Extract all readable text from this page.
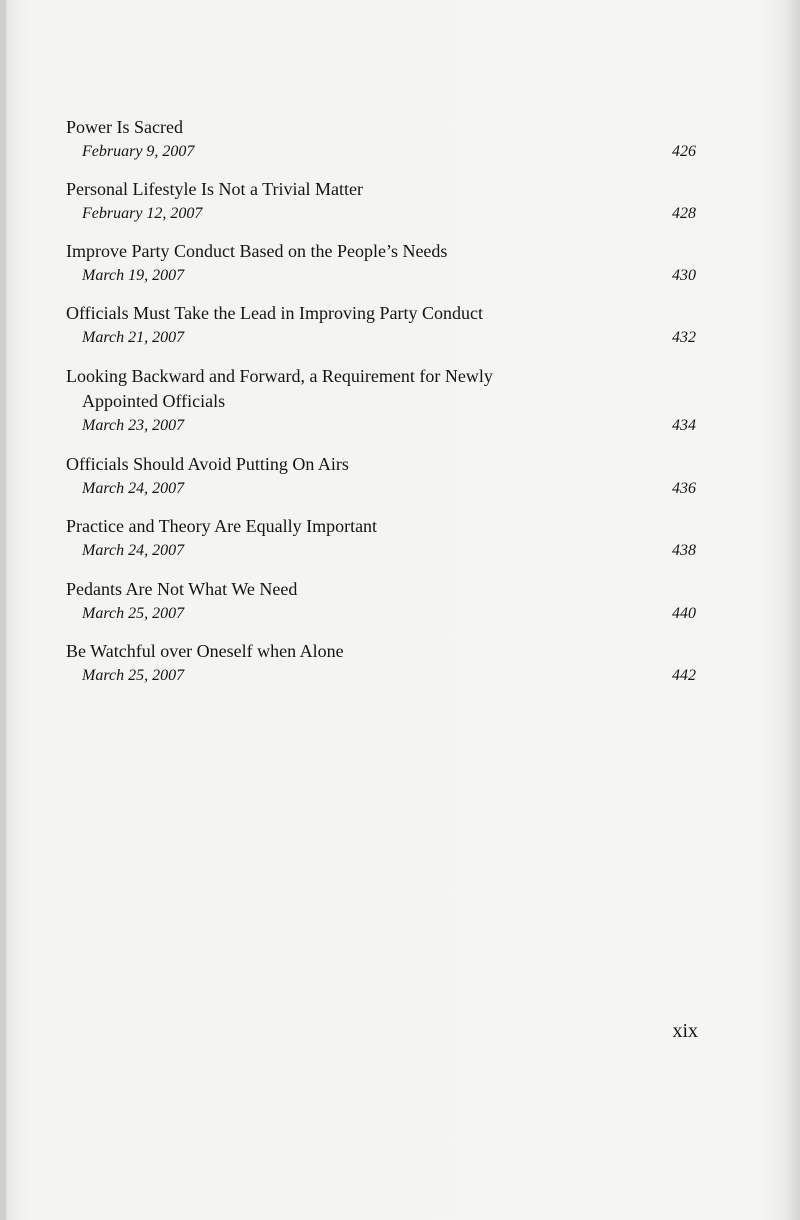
Power Is Sacred
February 9, 2007	426
Personal Lifestyle Is Not a Trivial Matter
February 12, 2007	428
Improve Party Conduct Based on the People’s Needs
March 19, 2007	430
Officials Must Take the Lead in Improving Party Conduct
March 21, 2007	432
Looking Backward and Forward, a Requirement for Newly
Appointed Officials
March 23, 2007	434
Officials Should Avoid Putting On Airs
March 24, 2007	436
Practice and Theory Are Equally Important
March 24, 2007	438
Pedants Are Not What We Need
March 25, 2007	440
Be Watchful over Oneself when Alone
March 25, 2007	442
xix
